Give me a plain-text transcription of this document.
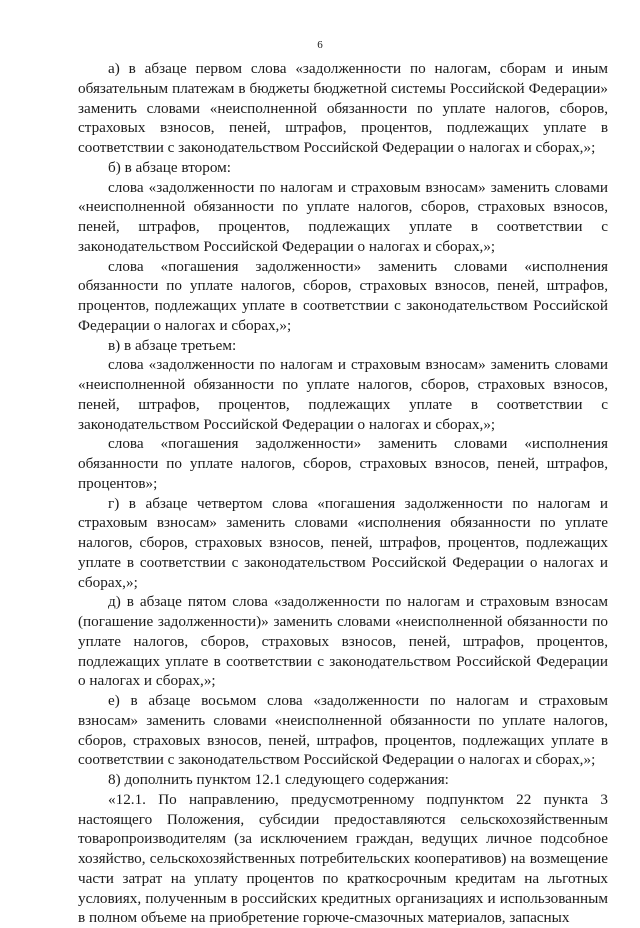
6

а) в абзаце первом слова «задолженности по налогам, сборам и иным обязательным платежам в бюджеты бюджетной системы Российской Федерации» заменить словами «неисполненной обязанности по уплате налогов, сборов, страховых взносов, пеней, штрафов, процентов, подлежащих уплате в соответствии с законодательством Российской Федерации о налогах и сборах,»;

б) в абзаце втором:

слова «задолженности по налогам и страховым взносам» заменить словами «неисполненной обязанности по уплате налогов, сборов, страховых взносов, пеней, штрафов, процентов, подлежащих уплате в соответствии с законодательством Российской Федерации о налогах и сборах,»;

слова «погашения задолженности» заменить словами «исполнения обязанности по уплате налогов, сборов, страховых взносов, пеней, штрафов, процентов, подлежащих уплате в соответствии с законодательством Российской Федерации о налогах и сборах,»;

в) в абзаце третьем:

слова «задолженности по налогам и страховым взносам» заменить словами «неисполненной обязанности по уплате налогов, сборов, страховых взносов, пеней, штрафов, процентов, подлежащих уплате в соответствии с законодательством Российской Федерации о налогах и сборах,»;

слова «погашения задолженности» заменить словами «исполнения обязанности по уплате налогов, сборов, страховых взносов, пеней, штрафов, процентов»;

г) в абзаце четвертом слова «погашения задолженности по налогам и страховым взносам» заменить словами «исполнения обязанности по уплате налогов, сборов, страховых взносов, пеней, штрафов, процентов, подлежащих уплате в соответствии с законодательством Российской Федерации о налогах и сборах,»;

д) в абзаце пятом слова «задолженности по налогам и страховым взносам (погашение задолженности)» заменить словами «неисполненной обязанности по уплате налогов, сборов, страховых взносов, пеней, штрафов, процентов, подлежащих уплате в соответствии с законодательством Российской Федерации о налогах и сборах,»;

е) в абзаце восьмом слова «задолженности по налогам и страховым взносам» заменить словами «неисполненной обязанности по уплате налогов, сборов, страховых взносов, пеней, штрафов, процентов, подлежащих уплате в соответствии с законодательством Российской Федерации о налогах и сборах,»;

8) дополнить пунктом 12.1 следующего содержания:

«12.1. По направлению, предусмотренному подпунктом 22 пункта 3 настоящего Положения, субсидии предоставляются сельскохозяйственным товаропроизводителям (за исключением граждан, ведущих личное подсобное хозяйство, сельскохозяйственных потребительских кооперативов) на возмещение части затрат на уплату процентов по краткосрочным кредитам на льготных условиях, полученным в российских кредитных организациях и использованным в полном объеме на приобретение горюче-смазочных материалов, запасных
